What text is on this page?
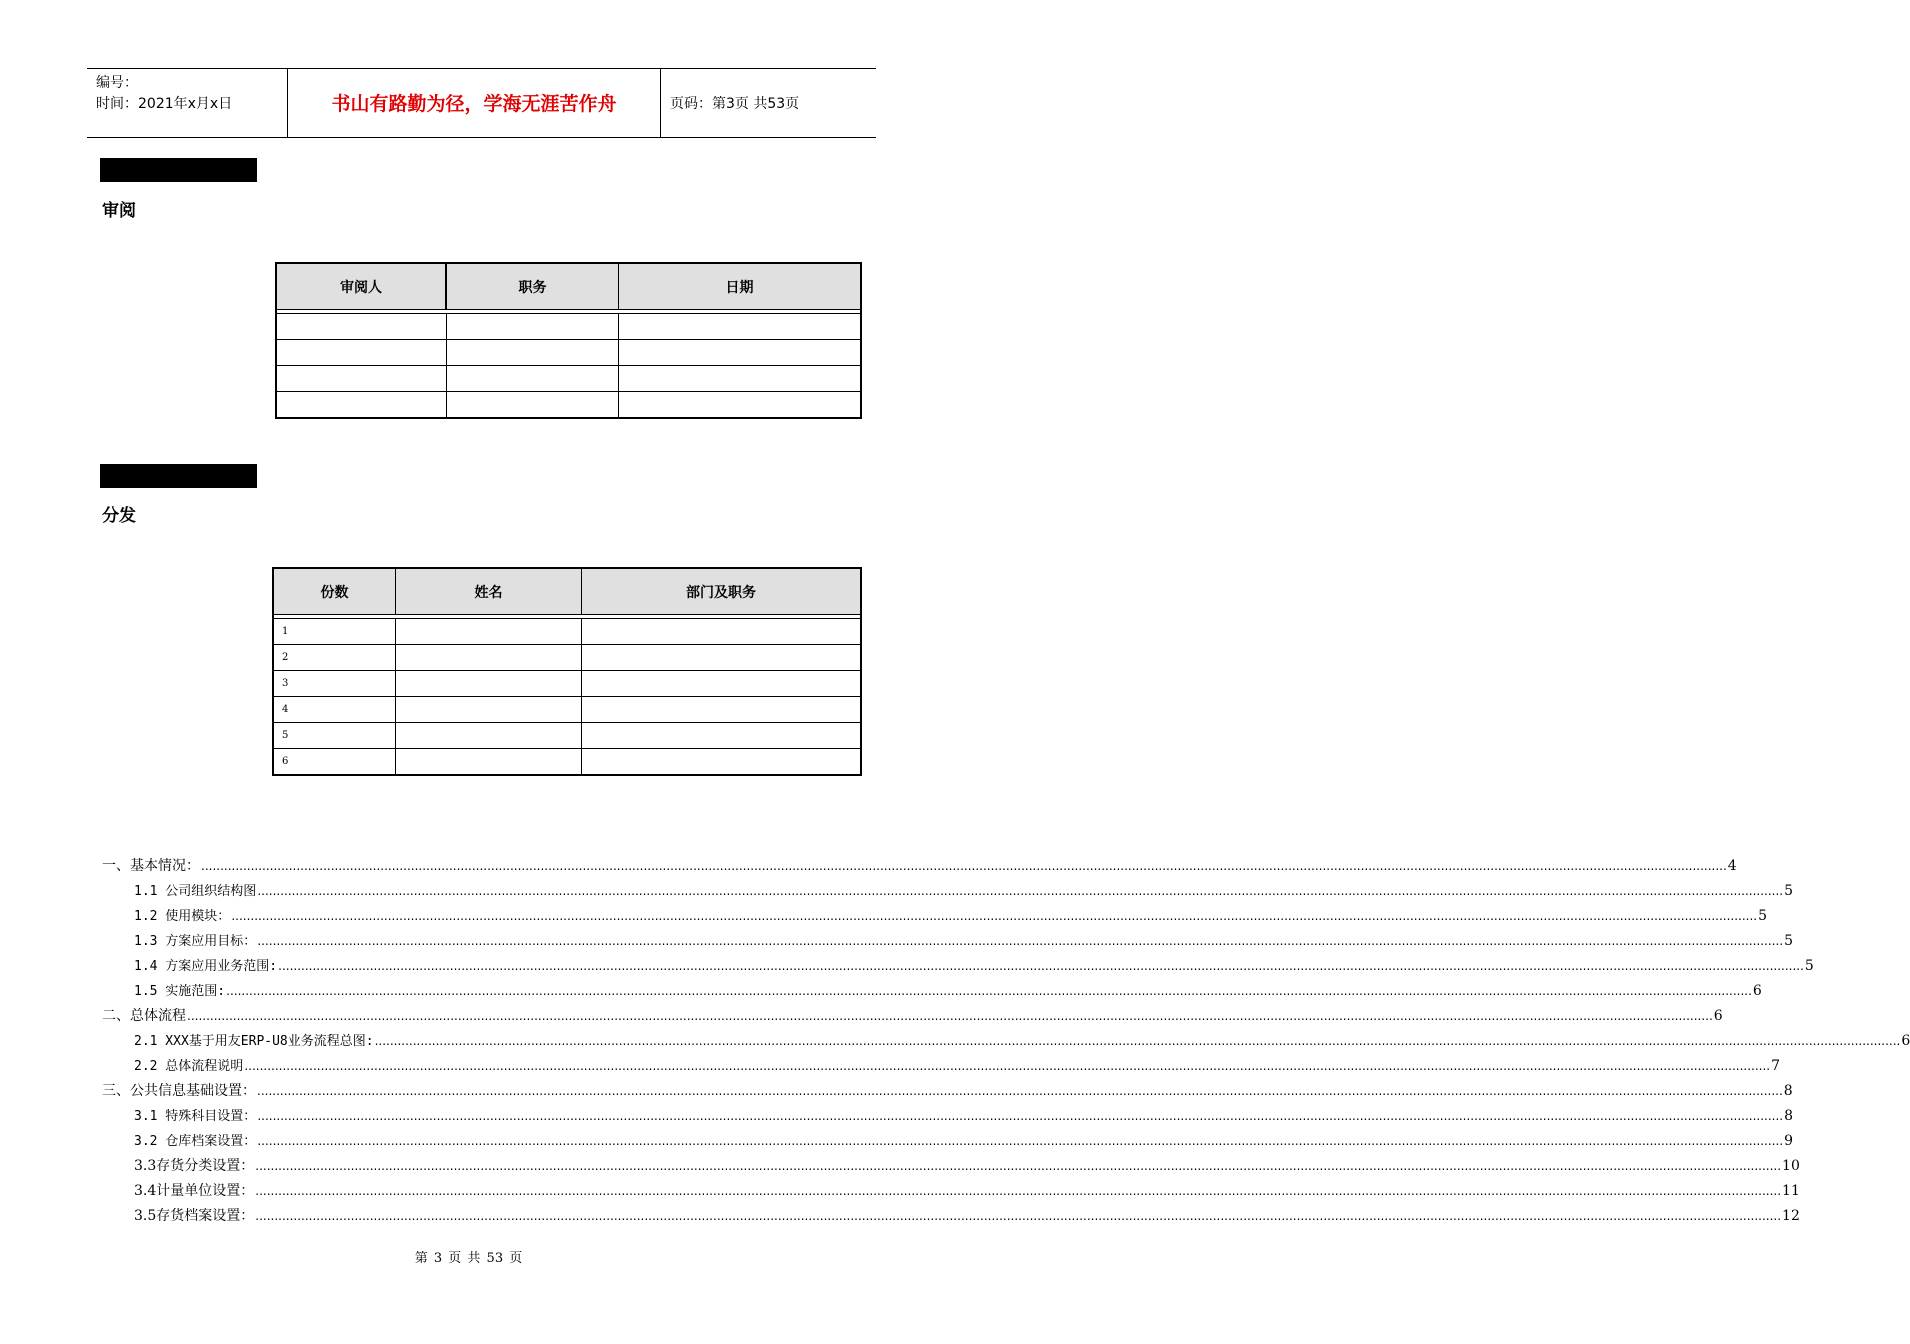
编号：
时间：2021年x月x日	书山有路勤为径，学海无涯苦作舟	页码：第3页 共53页
审阅
审阅人	职务	日期

分发
份数	姓名	部门及职务

1		
2		
3		
4		
5		
6		
一、基本情况： ................................................................................................................................................................................................................................................................................................................................................................................................................ 4
1.1 公司组织结构图 ................................................................................................................................................................................................................................................................................................................................................................................................................ 5
1.2 使用模块： ................................................................................................................................................................................................................................................................................................................................................................................................................ 5
1.3 方案应用目标： ................................................................................................................................................................................................................................................................................................................................................................................................................ 5
1.4 方案应用业务范围: ................................................................................................................................................................................................................................................................................................................................................................................................................ 5
1.5 实施范围: ................................................................................................................................................................................................................................................................................................................................................................................................................ 6
二、总体流程 ................................................................................................................................................................................................................................................................................................................................................................................................................ 6
2.1 XXX基于用友ERP-U8业务流程总图: ................................................................................................................................................................................................................................................................................................................................................................................................................ 6
2.2 总体流程说明 ................................................................................................................................................................................................................................................................................................................................................................................................................ 7
三、公共信息基础设置： ................................................................................................................................................................................................................................................................................................................................................................................................................ 8
3.1 特殊科目设置： ................................................................................................................................................................................................................................................................................................................................................................................................................ 8
3.2 仓库档案设置： ................................................................................................................................................................................................................................................................................................................................................................................................................ 9
3.3存货分类设置： ................................................................................................................................................................................................................................................................................................................................................................................................................ 10
3.4计量单位设置： ................................................................................................................................................................................................................................................................................................................................................................................................................ 11
3.5存货档案设置： ................................................................................................................................................................................................................................................................................................................................................................................................................ 12
第 3 页 共 53 页
